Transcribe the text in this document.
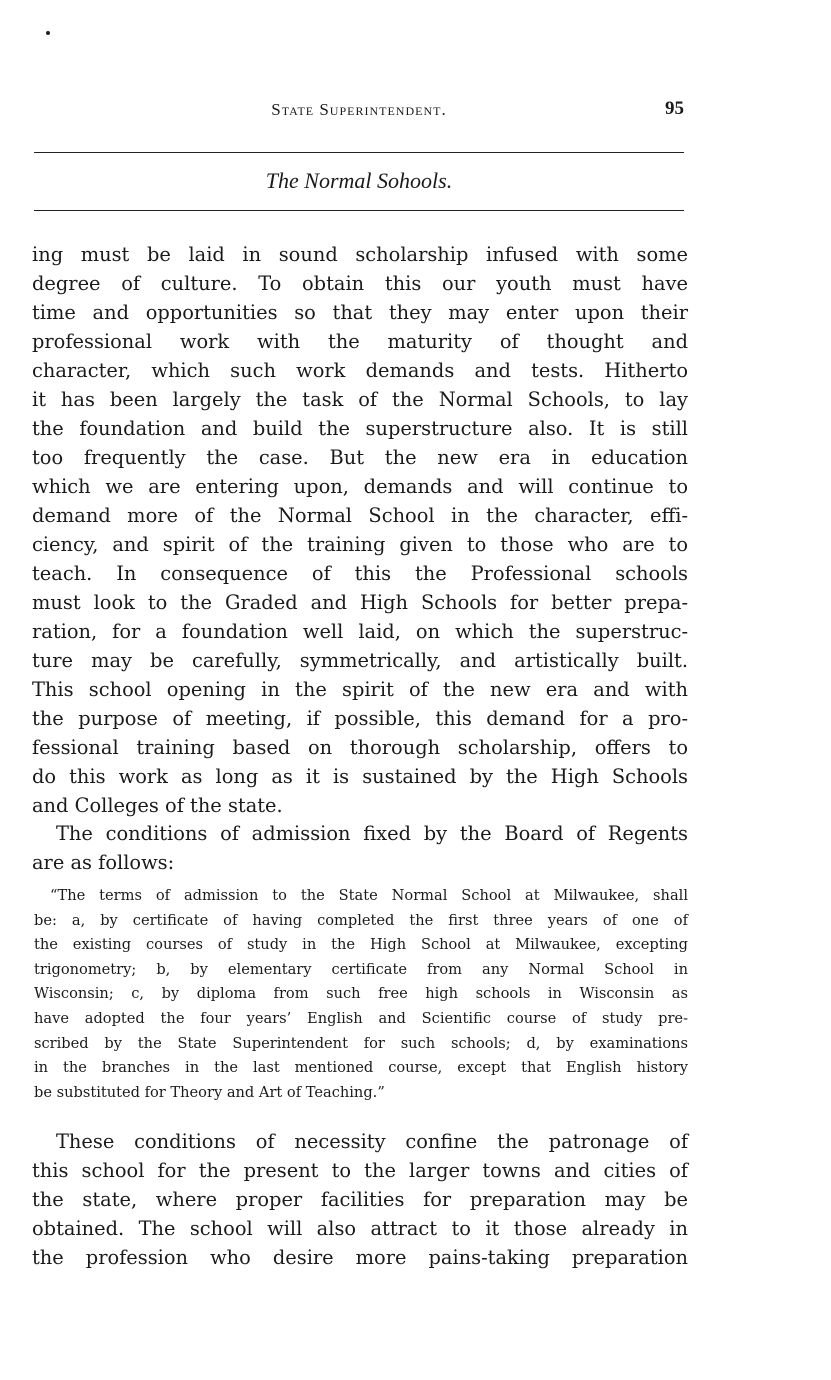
State Superintendent.	95
The Normal Sohools.
ing must be laid in sound scholarship infused with some
degree of culture. To obtain this our youth must have
time and opportunities so that they may enter upon their
professional work with the maturity of thought and
character, which such work demands and tests. Hitherto
it has been largely the task of the Normal Schools, to lay
the foundation and build the superstructure also. It is still
too frequently the case. But the new era in education
which we are entering upon, demands and will continue to
demand more of the Normal School in the character, effi-
ciency, and spirit of the training given to those who are to
teach. In consequence of this the Professional schools
must look to the Graded and High Schools for better prepa-
ration, for a foundation well laid, on which the superstruc-
ture may be carefully, symmetrically, and artistically built.
This school opening in the spirit of the new era and with
the purpose of meeting, if possible, this demand for a pro-
fessional training based on thorough scholarship, offers to
do this work as long as it is sustained by the High Schools
and Colleges of the state.
The conditions of admission fixed by the Board of Regents
are as follows:
“The terms of admission to the State Normal School at Milwaukee, shall
be: a, by certificate of having completed the first three years of one of
the existing courses of study in the High School at Milwaukee, excepting
trigonometry; b, by elementary certificate from any Normal School in
Wisconsin; c, by diploma from such free high schools in Wisconsin as
have adopted the four years’ English and Scientific course of study pre-
scribed by the State Superintendent for such schools; d, by examinations
in the branches in the last mentioned course, except that English history
be substituted for Theory and Art of Teaching.”
These conditions of necessity confine the patronage of
this school for the present to the larger towns and cities of
the state, where proper facilities for preparation may be
obtained. The school will also attract to it those already in
the profession who desire more pains-taking preparation
